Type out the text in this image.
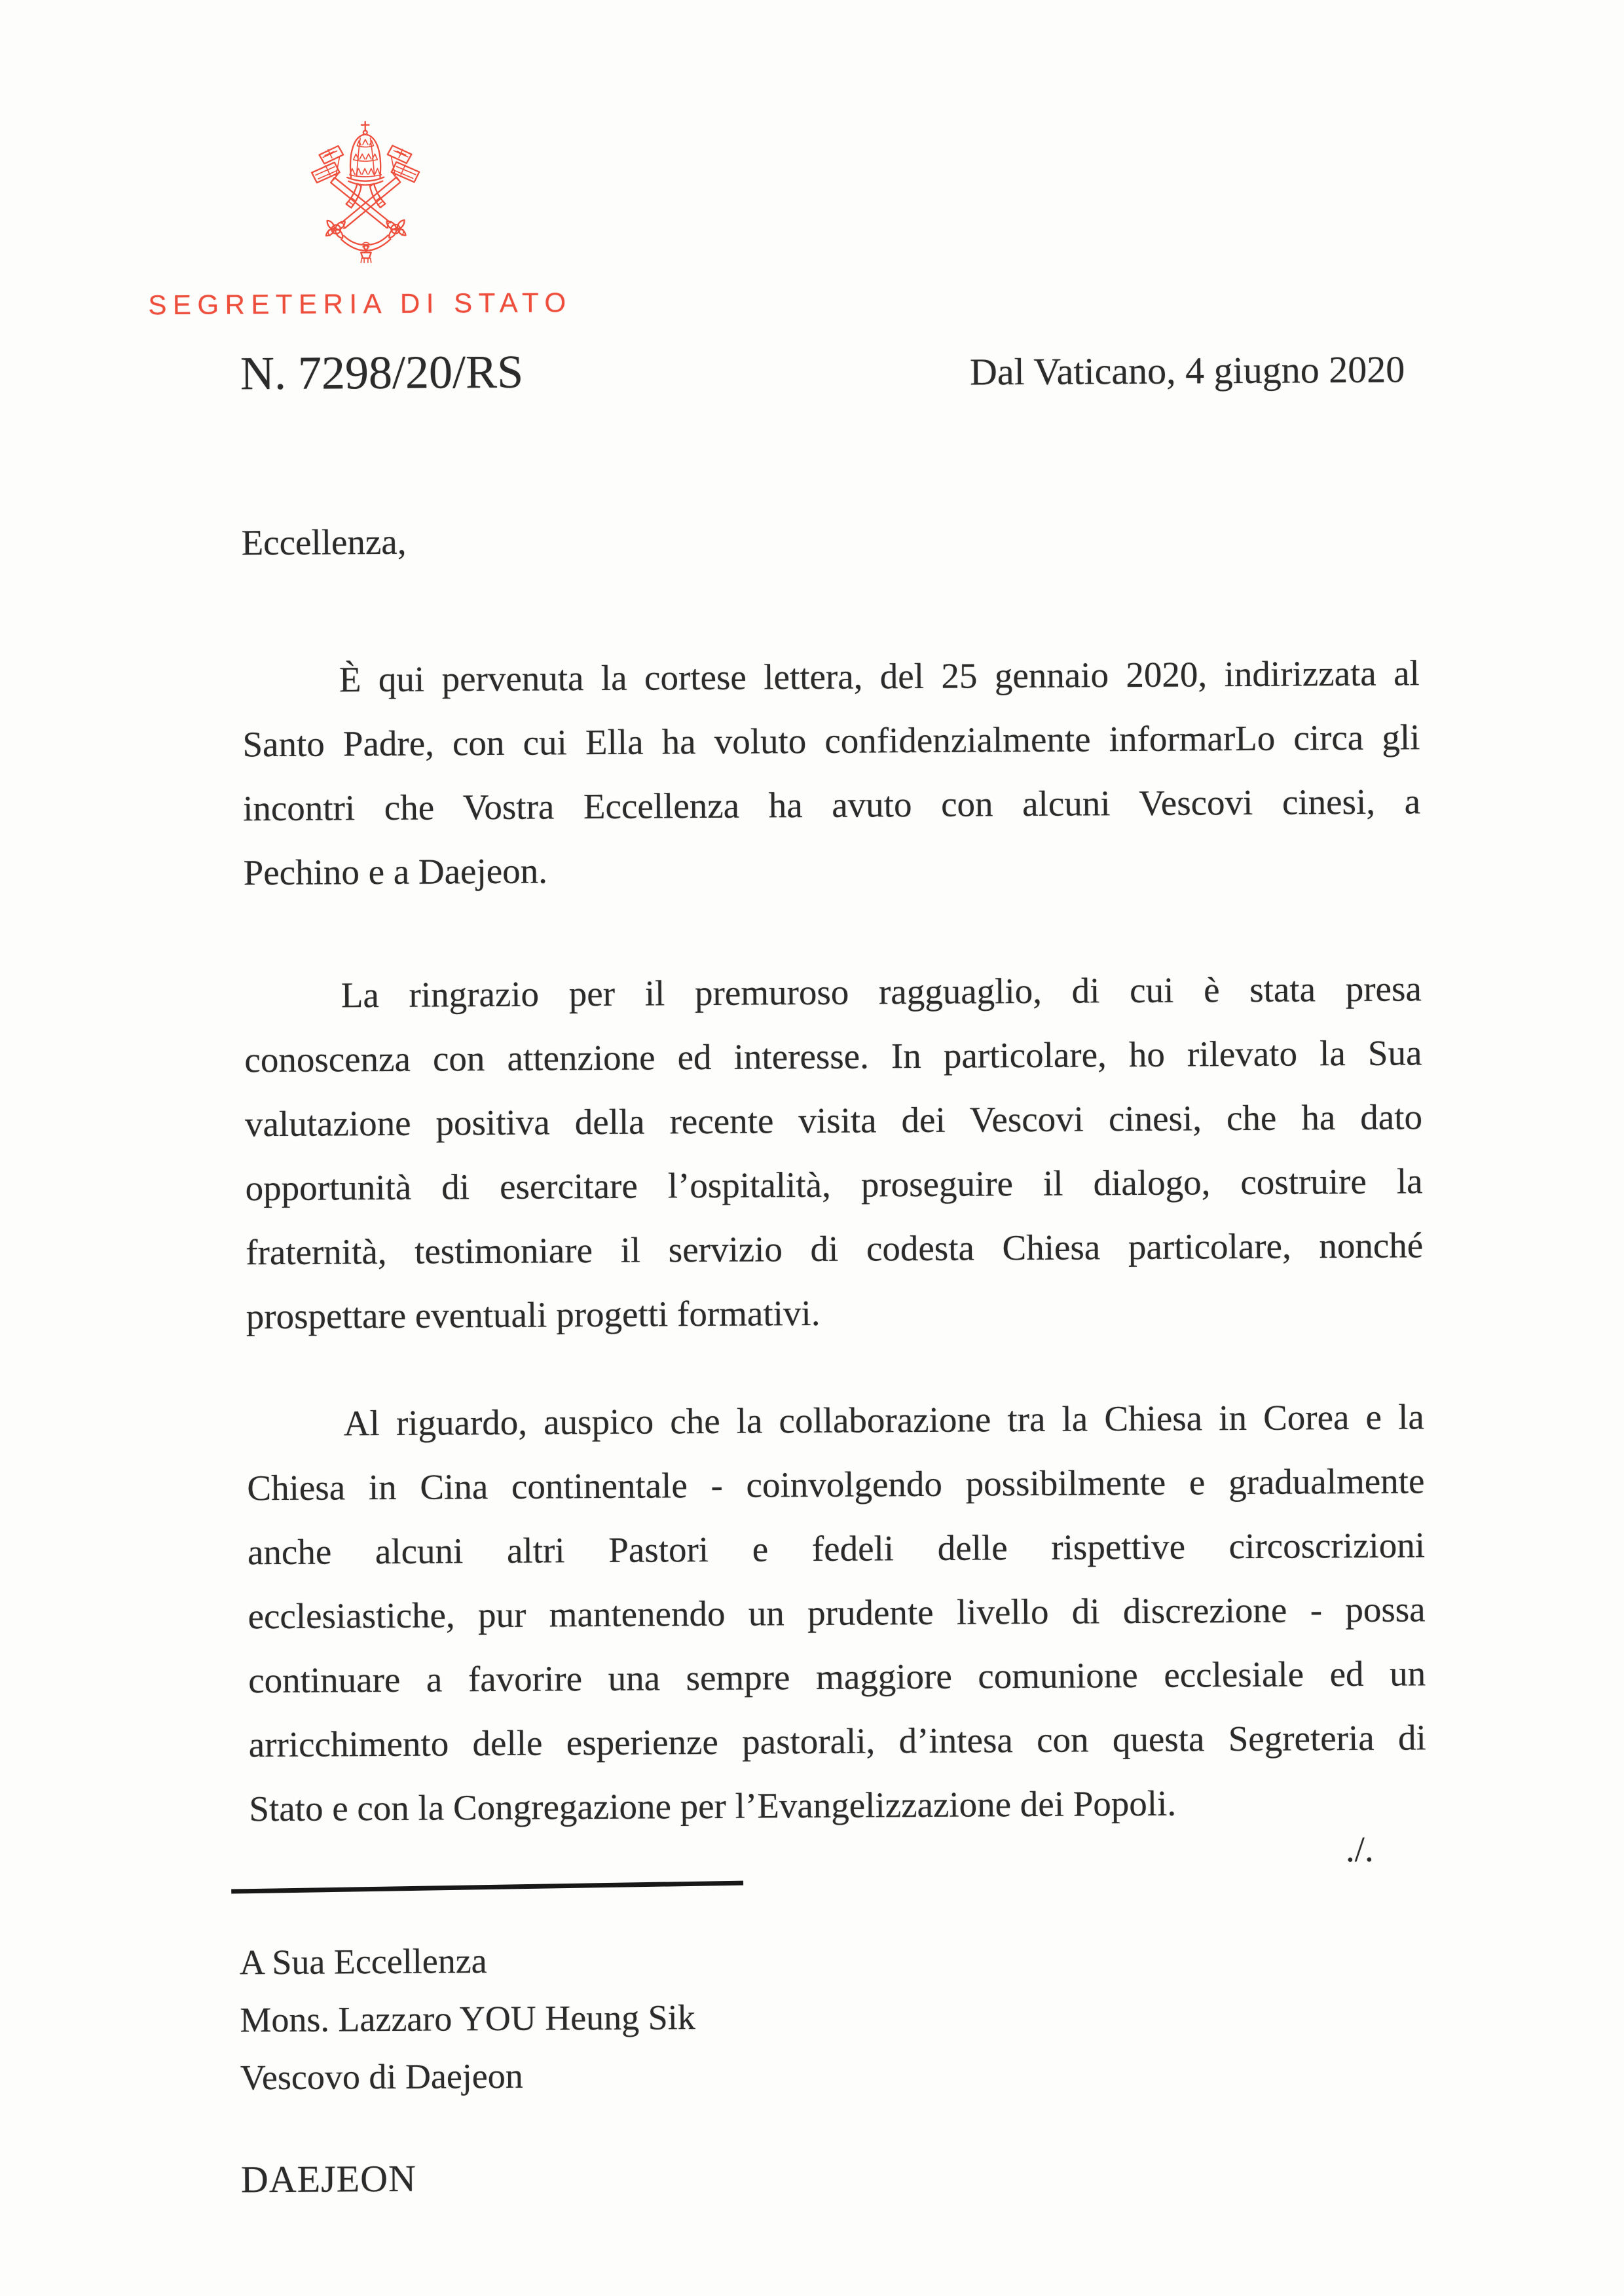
SEGRETERIA DI STATO
N. 7298/20/RS	Dal Vaticano, 4 giugno 2020
Eccellenza,
È qui pervenuta la cortese lettera, del 25 gennaio 2020, indirizzata al
Santo Padre, con cui Ella ha voluto confidenzialmente informarLo circa gli
incontri che Vostra Eccellenza ha avuto con alcuni Vescovi cinesi, a
Pechino e a Daejeon.
La ringrazio per il premuroso ragguaglio, di cui è stata presa
conoscenza con attenzione ed interesse. In particolare, ho rilevato la Sua
valutazione positiva della recente visita dei Vescovi cinesi, che ha dato
opportunità di esercitare l’ospitalità, proseguire il dialogo, costruire la
fraternità, testimoniare il servizio di codesta Chiesa particolare, nonché
prospettare eventuali progetti formativi.
Al riguardo, auspico che la collaborazione tra la Chiesa in Corea e la
Chiesa in Cina continentale - coinvolgendo possibilmente e gradualmente
anche alcuni altri Pastori e fedeli delle rispettive circoscrizioni
ecclesiastiche, pur mantenendo un prudente livello di discrezione - possa
continuare a favorire una sempre maggiore comunione ecclesiale ed un
arricchimento delle esperienze pastorali, d’intesa con questa Segreteria di
Stato e con la Congregazione per l’Evangelizzazione dei Popoli.
./.
A Sua Eccellenza
Mons. Lazzaro YOU Heung Sik
Vescovo di Daejeon
DAEJEON
